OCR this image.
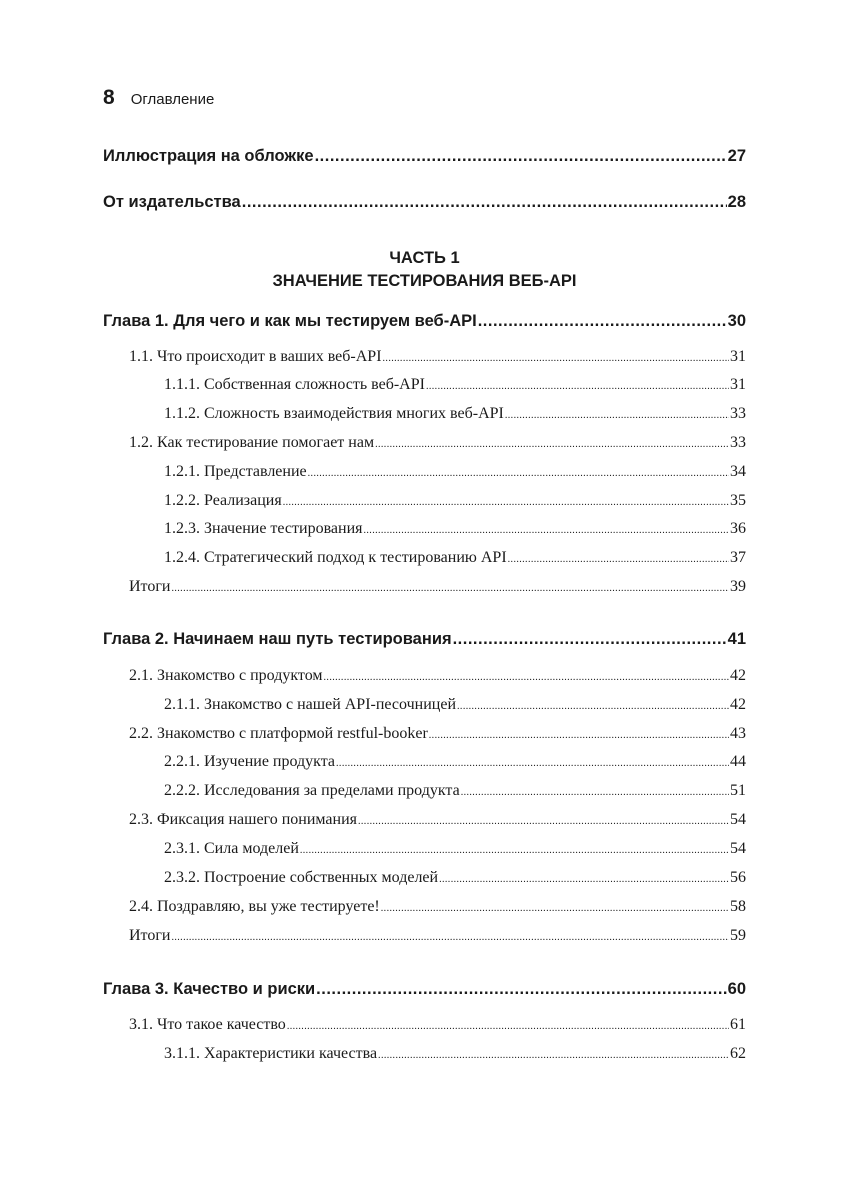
8 Оглавление
Иллюстрация на обложке .....	27
От издательства .....	28
ЧАСТЬ 1
ЗНАЧЕНИЕ ТЕСТИРОВАНИЯ ВЕБ-API
Глава 1. Для чего и как мы тестируем веб-API .....	30
1.1. Что происходит в ваших веб-API .....	31
1.1.1. Собственная сложность веб-API .....	31
1.1.2. Сложность взаимодействия многих веб-API .....	33
1.2. Как тестирование помогает нам .....	33
1.2.1. Представление .....	34
1.2.2. Реализация .....	35
1.2.3. Значение тестирования .....	36
1.2.4. Стратегический подход к тестированию API .....	37
Итоги .....	39
Глава 2. Начинаем наш путь тестирования .....	41
2.1. Знакомство с продуктом .....	42
2.1.1. Знакомство с нашей API-песочницей .....	42
2.2. Знакомство с платформой restful-booker .....	43
2.2.1. Изучение продукта .....	44
2.2.2. Исследования за пределами продукта .....	51
2.3. Фиксация нашего понимания .....	54
2.3.1. Сила моделей .....	54
2.3.2. Построение собственных моделей .....	56
2.4. Поздравляю, вы уже тестируете! .....	58
Итоги .....	59
Глава 3. Качество и риски .....	60
3.1. Что такое качество .....	61
3.1.1. Характеристики качества .....	62
